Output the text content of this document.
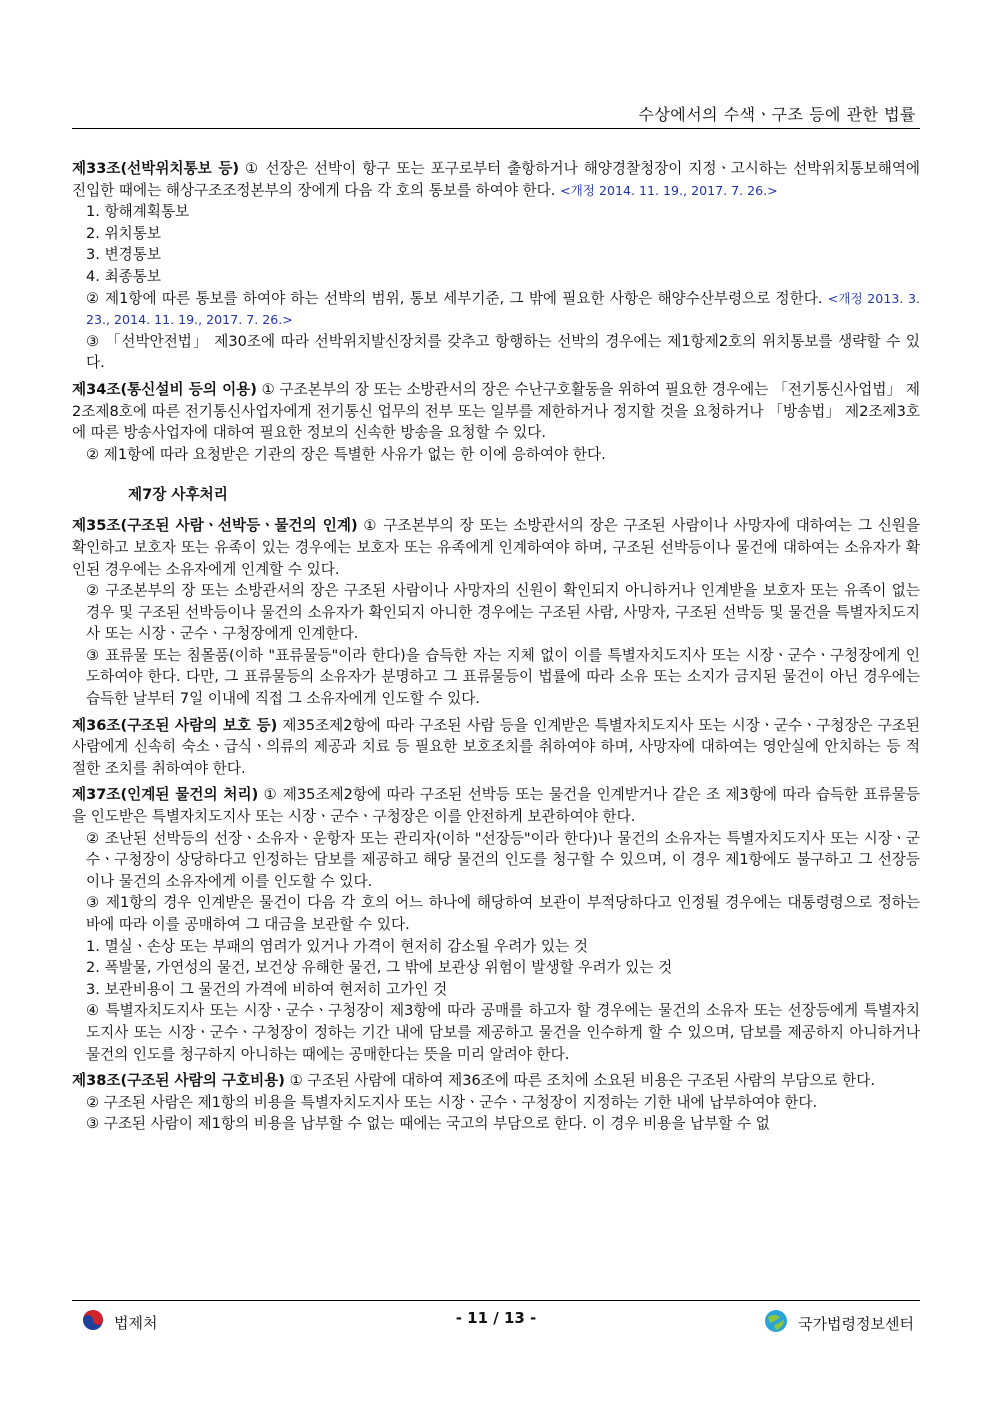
수상에서의 수색ㆍ구조 등에 관한 법률

제33조(선박위치통보 등) ① 선장은 선박이 항구 또는 포구로부터 출항하거나 해양경찰청장이 지정ㆍ고시하는 선박위치통보해역에 진입한 때에는 해상구조조정본부의 장에게 다음 각 호의 통보를 하여야 한다. <개정 2014. 11. 19., 2017. 7. 26.>

1. 항해계획통보

2. 위치통보

3. 변경통보

4. 최종통보

② 제1항에 따른 통보를 하여야 하는 선박의 범위, 통보 세부기준, 그 밖에 필요한 사항은 해양수산부령으로 정한다. <개정 2013. 3. 23., 2014. 11. 19., 2017. 7. 26.>

③ 「선박안전법」 제30조에 따라 선박위치발신장치를 갖추고 항행하는 선박의 경우에는 제1항제2호의 위치통보를 생략할 수 있다.

제34조(통신설비 등의 이용) ① 구조본부의 장 또는 소방관서의 장은 수난구호활동을 위하여 필요한 경우에는 「전기통신사업법」 제2조제8호에 따른 전기통신사업자에게 전기통신 업무의 전부 또는 일부를 제한하거나 정지할 것을 요청하거나 「방송법」 제2조제3호에 따른 방송사업자에 대하여 필요한 정보의 신속한 방송을 요청할 수 있다.

② 제1항에 따라 요청받은 기관의 장은 특별한 사유가 없는 한 이에 응하여야 한다.

제7장 사후처리

제35조(구조된 사람ㆍ선박등ㆍ물건의 인계) ① 구조본부의 장 또는 소방관서의 장은 구조된 사람이나 사망자에 대하여는 그 신원을 확인하고 보호자 또는 유족이 있는 경우에는 보호자 또는 유족에게 인계하여야 하며, 구조된 선박등이나 물건에 대하여는 소유자가 확인된 경우에는 소유자에게 인계할 수 있다.

② 구조본부의 장 또는 소방관서의 장은 구조된 사람이나 사망자의 신원이 확인되지 아니하거나 인계받을 보호자 또는 유족이 없는 경우 및 구조된 선박등이나 물건의 소유자가 확인되지 아니한 경우에는 구조된 사람, 사망자, 구조된 선박등 및 물건을 특별자치도지사 또는 시장ㆍ군수ㆍ구청장에게 인계한다.

③ 표류물 또는 침몰품(이하 "표류물등"이라 한다)을 습득한 자는 지체 없이 이를 특별자치도지사 또는 시장ㆍ군수ㆍ구청장에게 인도하여야 한다. 다만, 그 표류물등의 소유자가 분명하고 그 표류물등이 법률에 따라 소유 또는 소지가 금지된 물건이 아닌 경우에는 습득한 날부터 7일 이내에 직접 그 소유자에게 인도할 수 있다.

제36조(구조된 사람의 보호 등) 제35조제2항에 따라 구조된 사람 등을 인계받은 특별자치도지사 또는 시장ㆍ군수ㆍ구청장은 구조된 사람에게 신속히 숙소ㆍ급식ㆍ의류의 제공과 치료 등 필요한 보호조치를 취하여야 하며, 사망자에 대하여는 영안실에 안치하는 등 적절한 조치를 취하여야 한다.

제37조(인계된 물건의 처리) ① 제35조제2항에 따라 구조된 선박등 또는 물건을 인계받거나 같은 조 제3항에 따라 습득한 표류물등을 인도받은 특별자치도지사 또는 시장ㆍ군수ㆍ구청장은 이를 안전하게 보관하여야 한다.

② 조난된 선박등의 선장ㆍ소유자ㆍ운항자 또는 관리자(이하 "선장등"이라 한다)나 물건의 소유자는 특별자치도지사 또는 시장ㆍ군수ㆍ구청장이 상당하다고 인정하는 담보를 제공하고 해당 물건의 인도를 청구할 수 있으며, 이 경우 제1항에도 불구하고 그 선장등이나 물건의 소유자에게 이를 인도할 수 있다.

③ 제1항의 경우 인계받은 물건이 다음 각 호의 어느 하나에 해당하여 보관이 부적당하다고 인정될 경우에는 대통령령으로 정하는 바에 따라 이를 공매하여 그 대금을 보관할 수 있다.

1. 멸실ㆍ손상 또는 부패의 염려가 있거나 가격이 현저히 감소될 우려가 있는 것

2. 폭발물, 가연성의 물건, 보건상 유해한 물건, 그 밖에 보관상 위험이 발생할 우려가 있는 것

3. 보관비용이 그 물건의 가격에 비하여 현저히 고가인 것

④ 특별자치도지사 또는 시장ㆍ군수ㆍ구청장이 제3항에 따라 공매를 하고자 할 경우에는 물건의 소유자 또는 선장등에게 특별자치도지사 또는 시장ㆍ군수ㆍ구청장이 정하는 기간 내에 담보를 제공하고 물건을 인수하게 할 수 있으며, 담보를 제공하지 아니하거나 물건의 인도를 청구하지 아니하는 때에는 공매한다는 뜻을 미리 알려야 한다.

제38조(구조된 사람의 구호비용) ① 구조된 사람에 대하여 제36조에 따른 조치에 소요된 비용은 구조된 사람의 부담으로 한다.

② 구조된 사람은 제1항의 비용을 특별자치도지사 또는 시장ㆍ군수ㆍ구청장이 지정하는 기한 내에 납부하여야 한다.

③ 구조된 사람이 제1항의 비용을 납부할 수 없는 때에는 국고의 부담으로 한다. 이 경우 비용을 납부할 수 없

법제처	- 11 / 13 -	국가법령정보센터
